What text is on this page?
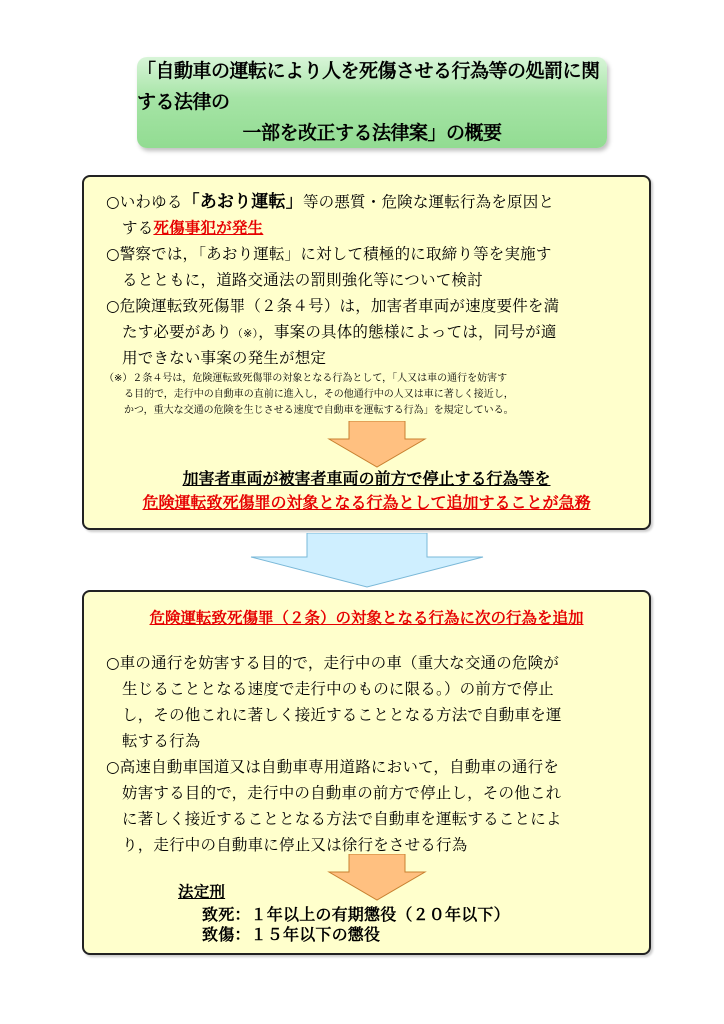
「自動車の運転により人を死傷させる行為等の処罰に関する法律の
一部を改正する法律案」の概要
○いわゆる「あおり運転」等の悪質・危険な運転行為を原因と
する死傷事犯が発生
○警察では，「あおり運転」に対して積極的に取締り等を実施す
るとともに，道路交通法の罰則強化等について検討
○危険運転致死傷罪（２条４号）は，加害者車両が速度要件を満
たす必要があり（※），事案の具体的態様によっては，同号が適
用できない事案の発生が想定
（※）２条４号は，危険運転致死傷罪の対象となる行為として，「人又は車の通行を妨害す
る目的で，走行中の自動車の直前に進入し，その他通行中の人又は車に著しく接近し，
かつ，重大な交通の危険を生じさせる速度で自動車を運転する行為」を規定している。
加害者車両が被害者車両の前方で停止する行為等を
危険運転致死傷罪の対象となる行為として追加することが急務
危険運転致死傷罪（２条）の対象となる行為に次の行為を追加
○車の通行を妨害する目的で，走行中の車（重大な交通の危険が
生じることとなる速度で走行中のものに限る。）の前方で停止
し，その他これに著しく接近することとなる方法で自動車を運
転する行為
○高速自動車国道又は自動車専用道路において，自動車の通行を
妨害する目的で，走行中の自動車の前方で停止し，その他これ
に著しく接近することとなる方法で自動車を運転することによ
り，走行中の自動車に停止又は徐行をさせる行為
法定刑
致死：１年以上の有期懲役（２０年以下）
致傷：１５年以下の懲役
